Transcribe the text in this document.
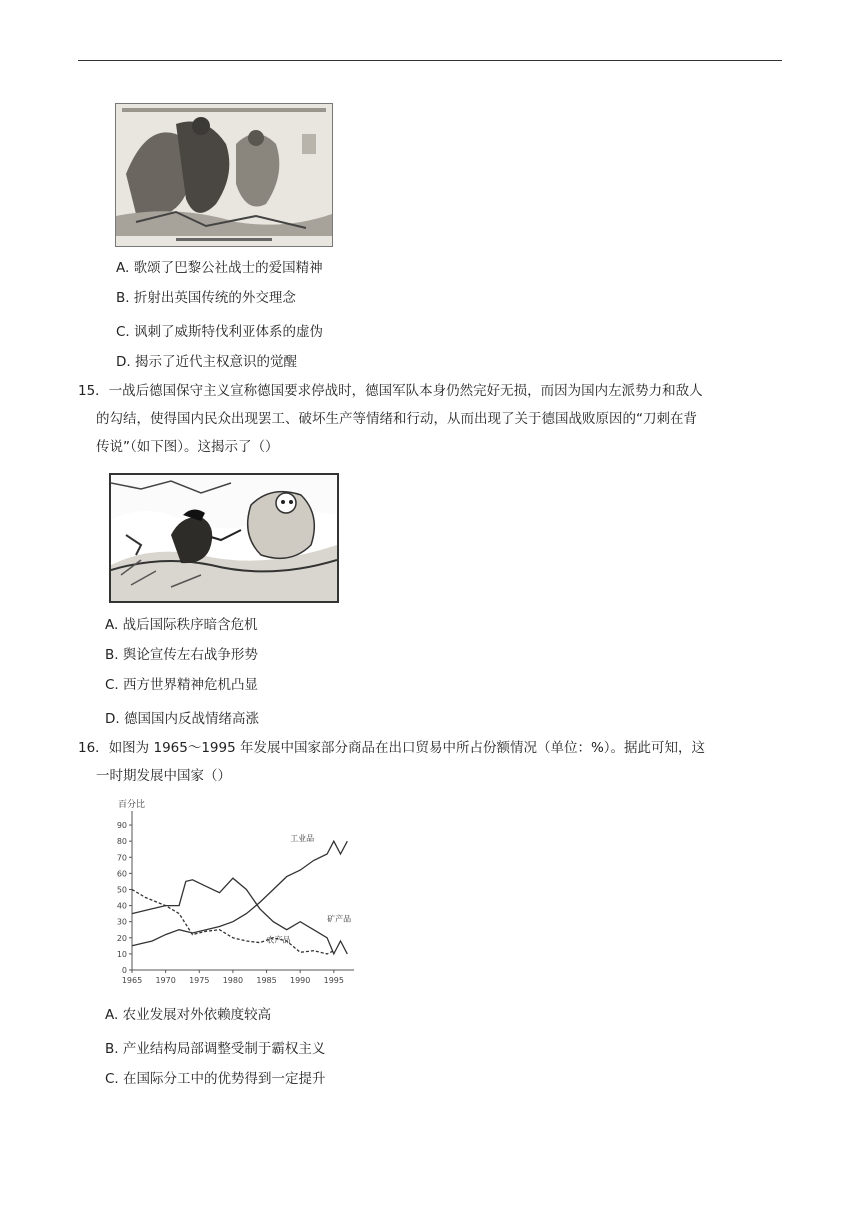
A. 歌颂了巴黎公社战士的爱国精神
B. 折射出英国传统的外交理念
C. 讽刺了威斯特伐利亚体系的虚伪
D. 揭示了近代主权意识的觉醒
15．一战后德国保守主义宣称德国要求停战时，德国军队本身仍然完好无损，而因为国内左派势力和敌人
的勾结，使得国内民众出现罢工、破坏生产等情绪和行动，从而出现了关于德国战败原因的“刀刺在背
传说”（如下图）。这揭示了（）
A. 战后国际秩序暗含危机
B. 舆论宣传左右战争形势
C. 西方世界精神危机凸显
D. 德国国内反战情绪高涨
16．如图为 1965～1995 年发展中国家部分商品在出口贸易中所占份额情况（单位：%）。据此可知，这
一时期发展中国家（）
百分比
0
10
20
30
40
50
60
70
80
90
1965 1970 1975 1980 1985 1990 1995
工业品
矿产品
农产品
A. 农业发展对外依赖度较高
B. 产业结构局部调整受制于霸权主义
C. 在国际分工中的优势得到一定提升
